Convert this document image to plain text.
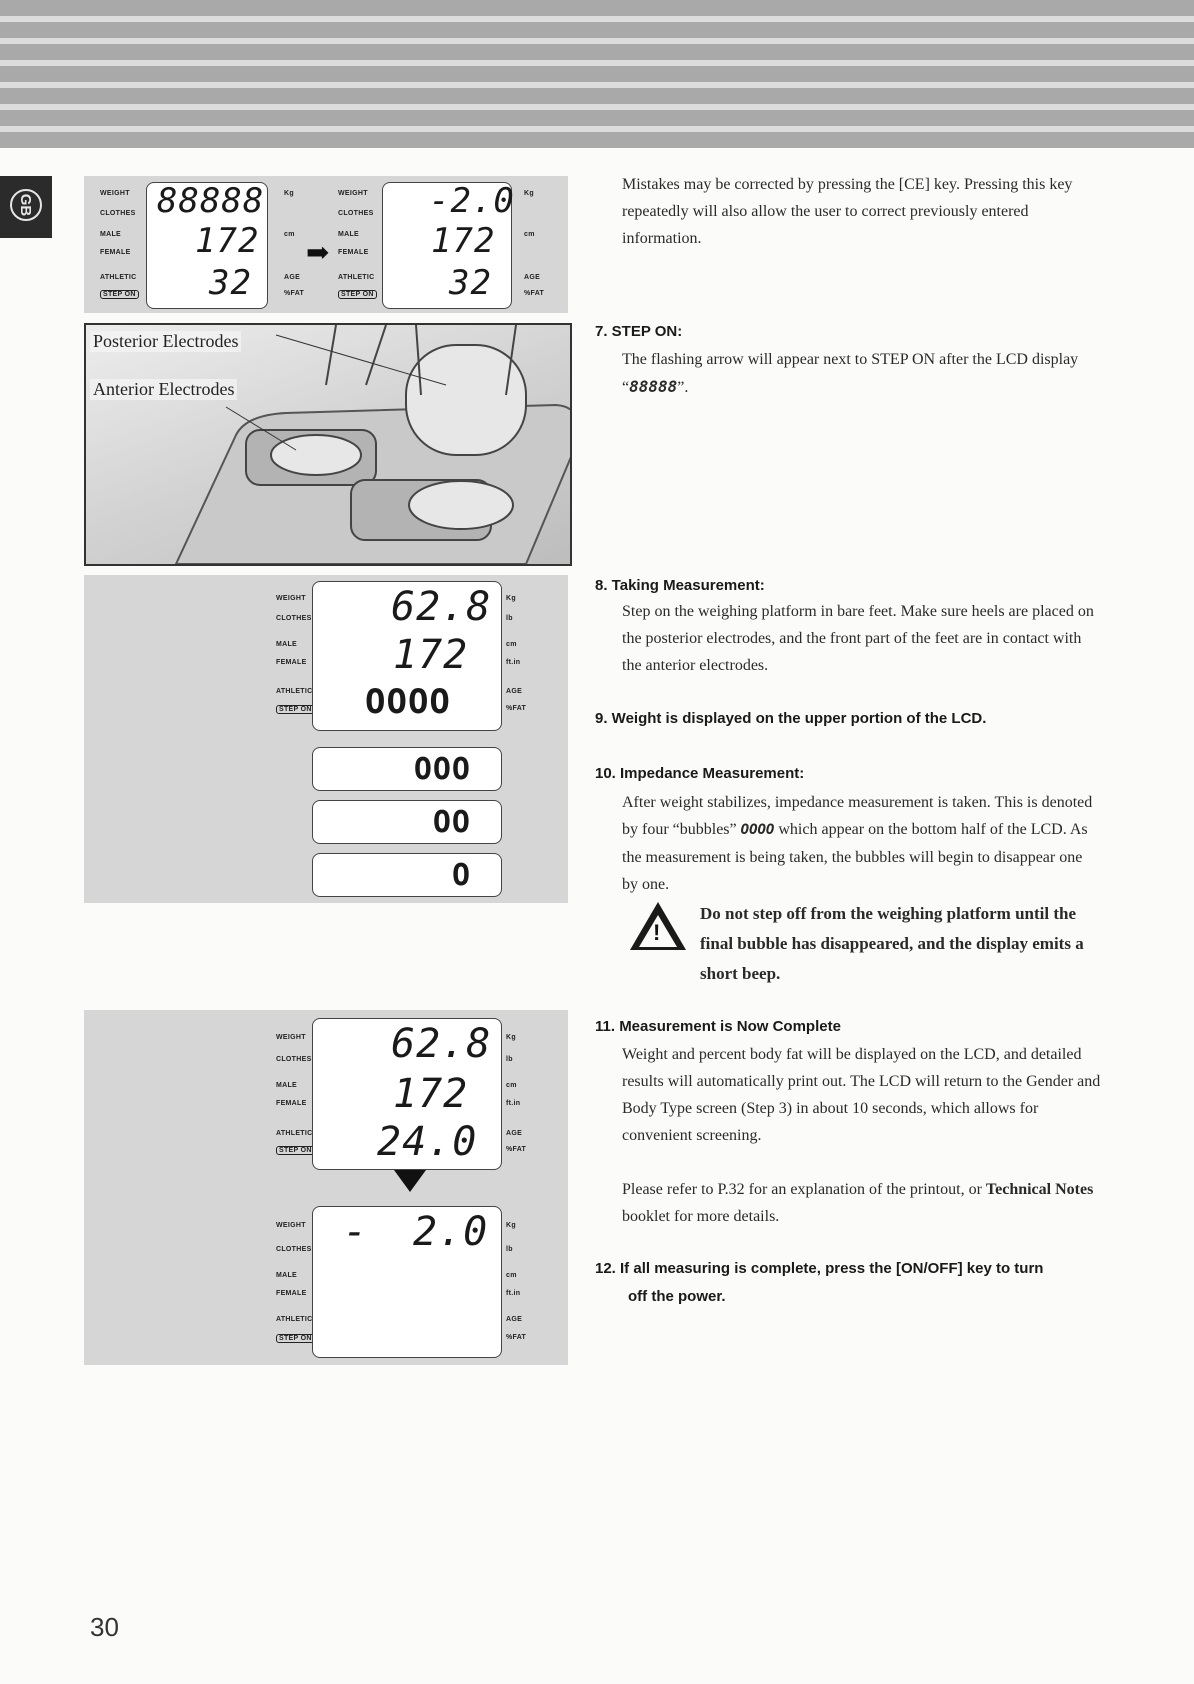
GB
WEIGHT
CLOTHES
MALE
FEMALE
ATHLETIC
STEP ON
88888
172
32
Kg
cm
AGE
%FAT
➡
WEIGHT
CLOTHES
MALE
FEMALE
ATHLETIC
STEP ON
-2.0
172
32
Kg
cm
AGE
%FAT
Posterior Electrodes
Anterior Electrodes
WEIGHT
CLOTHES
MALE
FEMALE
ATHLETIC
STEP ON
62.8
172
OOOO
Kg
lb
cm
ft.in
AGE
%FAT
OOO
OO
O
WEIGHT
CLOTHES
MALE
FEMALE
ATHLETIC
STEP ON
62.8
172
24.0
Kg
lb
cm
ft.in
AGE
%FAT
WEIGHT
CLOTHES
MALE
FEMALE
ATHLETIC
STEP ON
- 2.0	Kg
lb
cm
ft.in
AGE
%FAT
Mistakes may be corrected by pressing the [CE] key. Pressing this key repeatedly will also allow the user to correct previously entered information.
7. STEP ON:
The flashing arrow will appear next to STEP ON after the LCD display “88888”.
8. Taking Measurement:
Step on the weighing platform in bare feet. Make sure heels are placed on the posterior electrodes, and the front part of the feet are in contact with the anterior electrodes.
9. Weight is displayed on the upper portion of the LCD.
10. Impedance Measurement:
After weight stabilizes, impedance measurement is taken. This is denoted by four “bubbles” OOOO which appear on the bottom half of the LCD. As the measurement is being taken, the bubbles will begin to disappear one by one.
!
Do not step off from the weighing platform until the final bubble has disappeared, and the display emits a short beep.
11. Measurement is Now Complete
Weight and percent body fat will be displayed on the LCD, and detailed results will automatically print out. The LCD will return to the Gender and Body Type screen (Step 3) in about 10 seconds, which allows for convenient screening.
Please refer to P.32 for an explanation of the printout, or Technical Notes booklet for more details.
12. If all measuring is complete, press the [ON/OFF] key to turn
off the power.
30
